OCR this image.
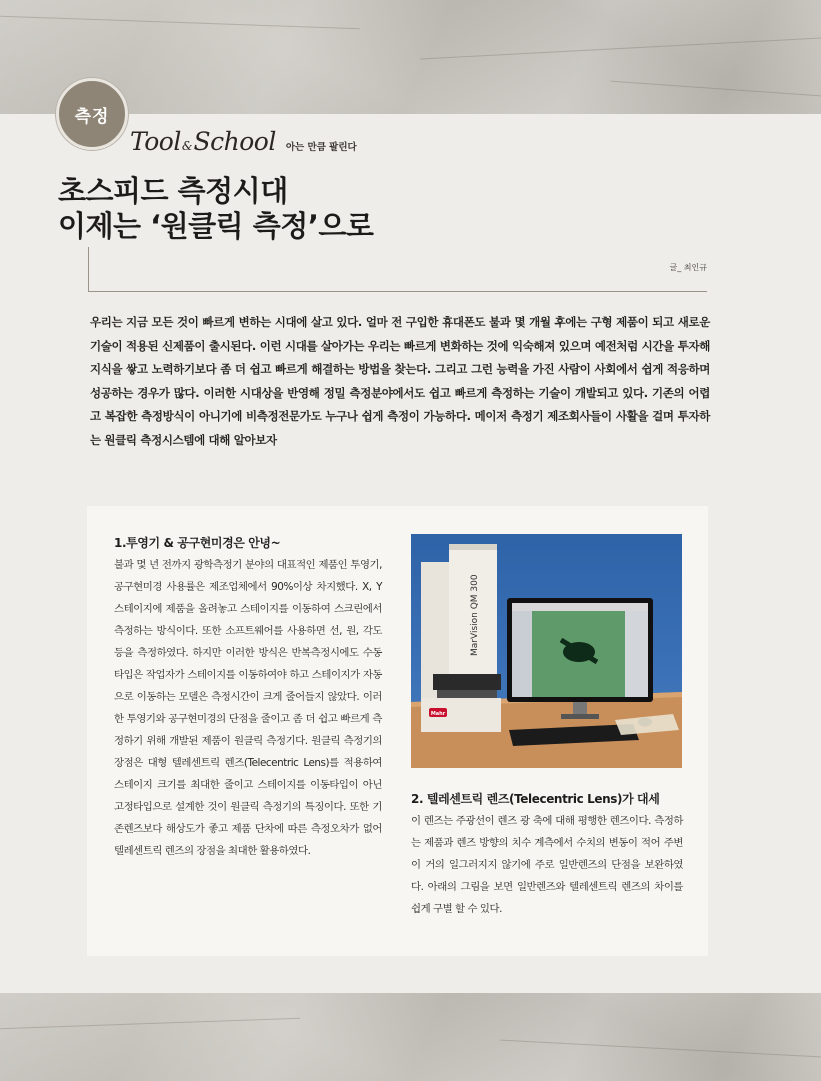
측정
Tool & School 아는 만큼 팔린다
초스피드 측정시대
이제는 ‘원클릭 측정’으로
글_ 최인규

우리는 지금 모든 것이 빠르게 변하는 시대에 살고 있다. 얼마 전 구입한 휴대폰도 불과 몇 개월 후에는 구형 제품이 되고 새로운 기술이 적용된 신제품이 출시된다. 이런 시대를 살아가는 우리는 빠르게 변화하는 것에 익숙해져 있으며 예전처럼 시간을 투자해 지식을 쌓고 노력하기보다 좀 더 쉽고 빠르게 해결하는 방법을 찾는다. 그리고 그런 능력을 가진 사람이 사회에서 쉽게 적응하며 성공하는 경우가 많다. 이러한 시대상을 반영해 정밀 측정분야에서도 쉽고 빠르게 측정하는 기술이 개발되고 있다. 기존의 어렵고 복잡한 측정방식이 아니기에 비측정전문가도 누구나 쉽게 측정이 가능하다. 메이저 측정기 제조회사들이 사활을 걸며 투자하는 원클릭 측정시스템에 대해 알아보자

1.투영기 & 공구현미경은 안녕~
불과 몇 년 전까지 광학측정기 분야의 대표적인 제품인 투영기, 공구현미경 사용률은 제조업체에서 90%이상 차지했다. X, Y 스테이지에 제품을 올려놓고 스테이지를 이동하여 스크린에서 측정하는 방식이다. 또한 소프트웨어를 사용하면 선, 원, 각도 등을 측정하였다. 하지만 이러한 방식은 반복측정시에도 수동타입은 작업자가 스테이지를 이동하여야 하고 스테이지가 자동으로 이동하는 모델은 측정시간이 크게 줄어들지 않았다. 이러한 투영기와 공구현미경의 단점을 줄이고 좀 더 쉽고 빠르게 측정하기 위해 개발된 제품이 원클릭 측정기다. 원클릭 측정기의 장점은 대형 텔레센트릭 렌즈(Telecentric Lens)를 적용하여 스테이지 크기를 최대한 줄이고 스테이지를 이동타입이 아닌 고정타입으로 설계한 것이 원클릭 측정기의 특징이다. 또한 기존렌즈보다 해상도가 좋고 제품 단차에 따른 측정오차가 없어 텔레센트릭 렌즈의 장점을 최대한 활용하였다.
MarVision QM 300
Mahr
2. 텔레센트릭 렌즈(Telecentric Lens)가 대세
이 렌즈는 주광선이 렌즈 광 축에 대해 평행한 렌즈이다. 측정하는 제품과 렌즈 방향의 치수 계측에서 수치의 변동이 적어 주변이 거의 일그러지지 않기에 주로 일반렌즈의 단점을 보완하였다. 아래의 그림을 보면 일반렌즈와 텔레센트릭 렌즈의 차이를 쉽게 구별 할 수 있다.
